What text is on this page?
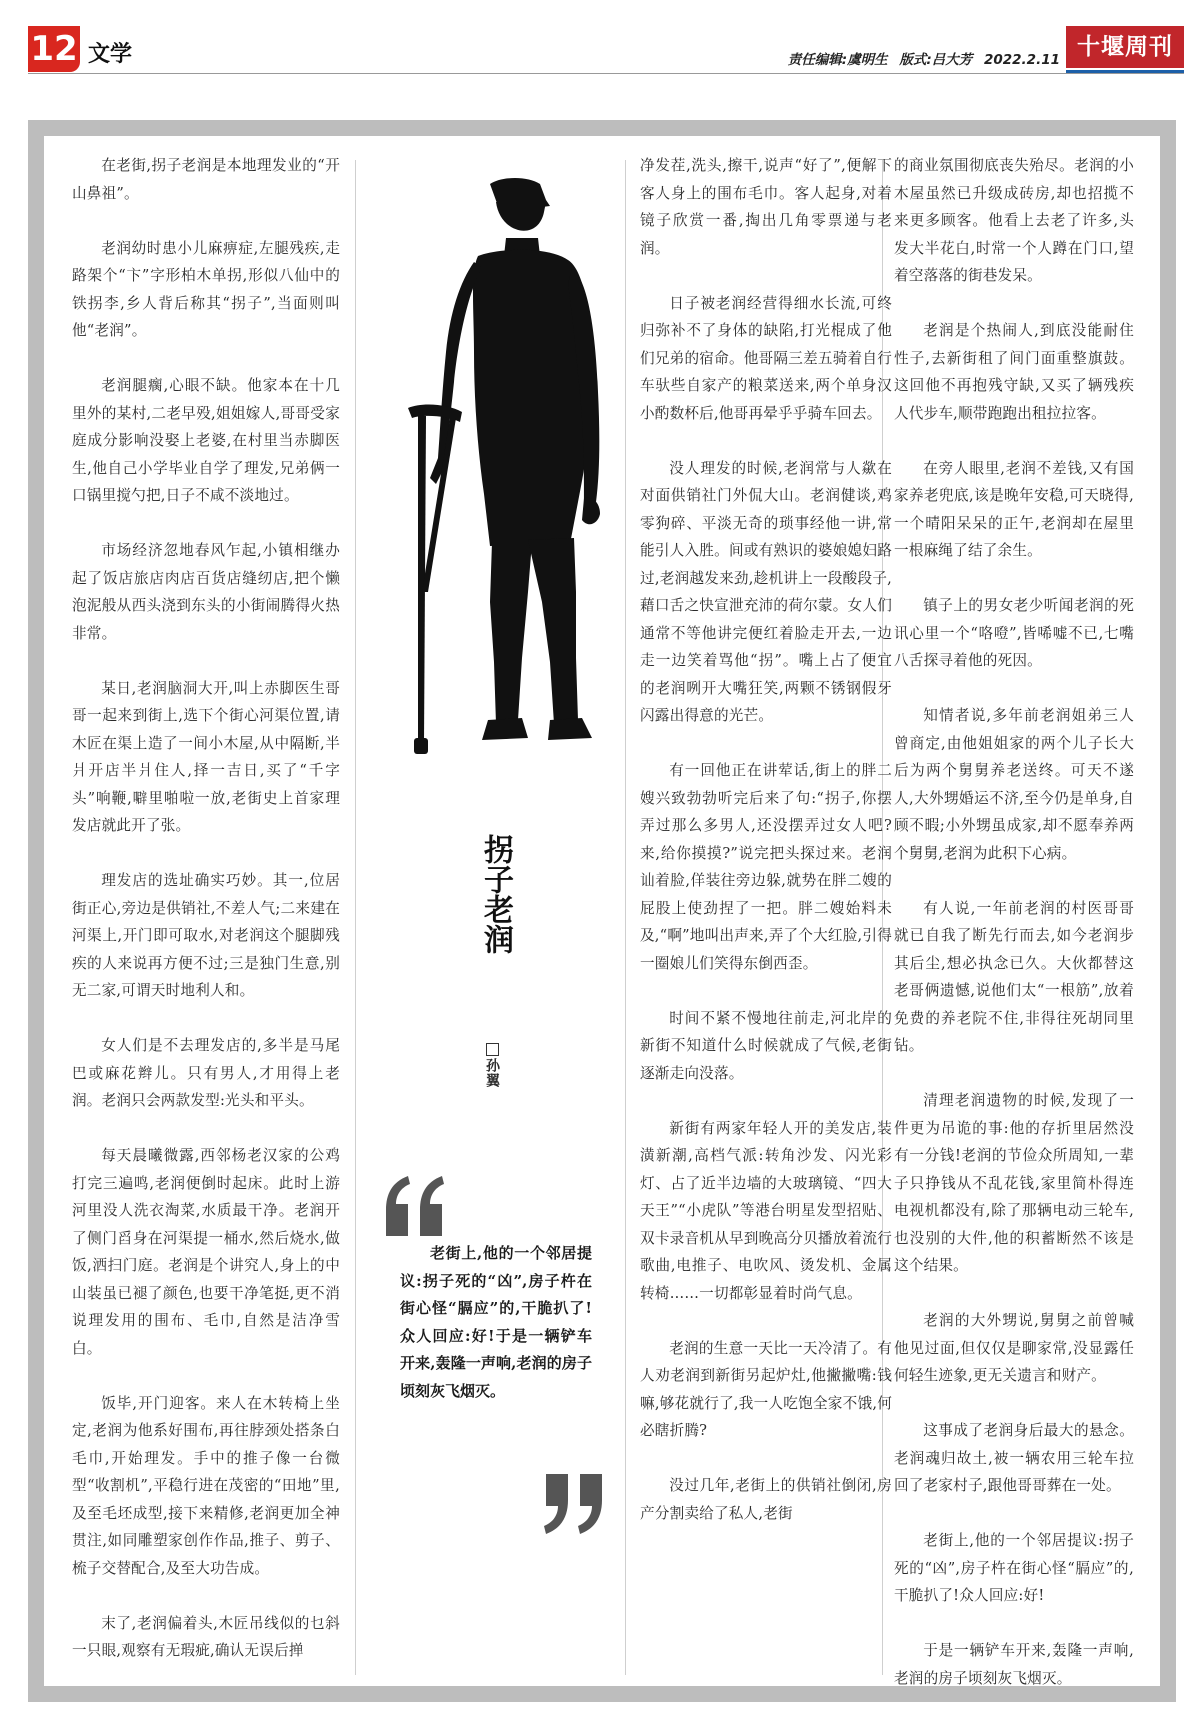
12 文学	责任编辑:虞明生 版式:吕大芳 2022.2.11 十堰周刊

在老街,拐子老润是本地理发业的“开山鼻祖”。

老润幼时患小儿麻痹症,左腿残疾,走路架个“卞”字形柏木单拐,形似八仙中的铁拐李,乡人背后称其“拐子”,当面则叫他“老润”。

老润腿瘸,心眼不缺。他家本在十几里外的某村,二老早殁,姐姐嫁人,哥哥受家庭成分影响没娶上老婆,在村里当赤脚医生,他自己小学毕业自学了理发,兄弟俩一口锅里搅勺把,日子不咸不淡地过。

市场经济忽地春风乍起,小镇相继办起了饭店旅店肉店百货店缝纫店,把个懒泡泥般从西头浇到东头的小街闹腾得火热非常。

某日,老润脑洞大开,叫上赤脚医生哥哥一起来到街上,选下个街心河渠位置,请木匠在渠上造了一间小木屋,从中隔断,半爿开店半爿住人,择一吉日,买了“千字头”响鞭,噼里啪啦一放,老街史上首家理发店就此开了张。

理发店的选址确实巧妙。其一,位居街正心,旁边是供销社,不差人气;二来建在河渠上,开门即可取水,对老润这个腿脚残疾的人来说再方便不过;三是独门生意,别无二家,可谓天时地利人和。

女人们是不去理发店的,多半是马尾巴或麻花辫儿。只有男人,才用得上老润。老润只会两款发型:光头和平头。

每天晨曦微露,西邻杨老汉家的公鸡打完三遍鸣,老润便倒时起床。此时上游河里没人洗衣淘菜,水质最干净。老润开了侧门舀身在河渠提一桶水,然后烧水,做饭,洒扫门庭。老润是个讲究人,身上的中山装虽已褪了颜色,也要干净笔挺,更不消说理发用的围布、毛巾,自然是洁净雪白。

饭毕,开门迎客。来人在木转椅上坐定,老润为他系好围布,再往脖颈处搭条白毛巾,开始理发。手中的推子像一台微型“收割机”,平稳行进在茂密的“田地”里,及至毛坯成型,接下来精修,老润更加全神贯注,如同雕塑家创作作品,推子、剪子、梳子交替配合,及至大功告成。

末了,老润偏着头,木匠吊线似的乜斜一只眼,观察有无瑕疵,确认无误后掸

拐子老润
孙翼

老街上,他的一个邻居提议:拐子死的“凶”,房子杵在街心怪“膈应”的,干脆扒了!众人回应:好!于是一辆铲车开来,轰隆一声响,老润的房子顷刻灰飞烟灭。

净发茬,洗头,擦干,说声“好了”,便解下客人身上的围布毛巾。客人起身,对着镜子欣赏一番,掏出几角零票递与老润。

日子被老润经营得细水长流,可终归弥补不了身体的缺陷,打光棍成了他们兄弟的宿命。他哥隔三差五骑着自行车驮些自家产的粮菜送来,两个单身汉小酌数杯后,他哥再晕乎乎骑车回去。

没人理发的时候,老润常与人歘在对面供销社门外侃大山。老润健谈,鸡零狗碎、平淡无奇的琐事经他一讲,常能引人入胜。间或有熟识的婆娘媳妇路过,老润越发来劲,趁机讲上一段酸段子,藉口舌之快宣泄充沛的荷尔蒙。女人们通常不等他讲完便红着脸走开去,一边走一边笑着骂他“拐”。嘴上占了便宜的老润咧开大嘴狂笑,两颗不锈钢假牙闪露出得意的光芒。

有一回他正在讲荤话,街上的胖二嫂兴致勃勃听完后来了句:“拐子,你摆弄过那么多男人,还没摆弄过女人吧?来,给你摸摸?”说完把头探过来。老润讪着脸,佯装往旁边躲,就势在胖二嫂的屁股上使劲捏了一把。胖二嫂始料未及,“啊”地叫出声来,弄了个大红脸,引得一圈娘儿们笑得东倒西歪。

时间不紧不慢地往前走,河北岸的新街不知道什么时候就成了气候,老街逐渐走向没落。

新街有两家年轻人开的美发店,装潢新潮,高档气派:转角沙发、闪光彩灯、占了近半边墙的大玻璃镜、“四大天王”“小虎队”等港台明星发型招贴、双卡录音机从早到晚高分贝播放着流行歌曲,电推子、电吹风、烫发机、金属转椅……一切都彰显着时尚气息。

老润的生意一天比一天冷清了。有人劝老润到新街另起炉灶,他撇撇嘴:钱嘛,够花就行了,我一人吃饱全家不饿,何必瞎折腾?

没过几年,老街上的供销社倒闭,房产分割卖给了私人,老街

的商业氛围彻底丧失殆尽。老润的小木屋虽然已升级成砖房,却也招揽不来更多顾客。他看上去老了许多,头发大半花白,时常一个人蹲在门口,望着空落落的街巷发呆。

老润是个热闹人,到底没能耐住性子,去新街租了间门面重整旗鼓。这回他不再抱残守缺,又买了辆残疾人代步车,顺带跑跑出租拉拉客。

在旁人眼里,老润不差钱,又有国家养老兜底,该是晚年安稳,可天晓得,一个晴阳呆呆的正午,老润却在屋里一根麻绳了结了余生。

镇子上的男女老少听闻老润的死讯心里一个“咯噔”,皆唏嘘不已,七嘴八舌探寻着他的死因。

知情者说,多年前老润姐弟三人曾商定,由他姐姐家的两个儿子长大后为两个舅舅养老送终。可天不遂人,大外甥婚运不济,至今仍是单身,自顾不暇;小外甥虽成家,却不愿奉养两个舅舅,老润为此积下心病。

有人说,一年前老润的村医哥哥就已自我了断先行而去,如今老润步其后尘,想必执念已久。大伙都替这老哥俩遗憾,说他们太“一根筋”,放着免费的养老院不住,非得往死胡同里钻。

清理老润遗物的时候,发现了一件更为吊诡的事:他的存折里居然没有一分钱!老润的节俭众所周知,一辈子只挣钱从不乱花钱,家里简朴得连电视机都没有,除了那辆电动三轮车,也没别的大件,他的积蓄断然不该是这个结果。

老润的大外甥说,舅舅之前曾喊他见过面,但仅仅是聊家常,没显露任何轻生迹象,更无关遗言和财产。

这事成了老润身后最大的悬念。老润魂归故土,被一辆农用三轮车拉回了老家村子,跟他哥哥葬在一处。

老街上,他的一个邻居提议:拐子死的“凶”,房子杵在街心怪“膈应”的,干脆扒了!众人回应:好!

于是一辆铲车开来,轰隆一声响,老润的房子顷刻灰飞烟灭。
